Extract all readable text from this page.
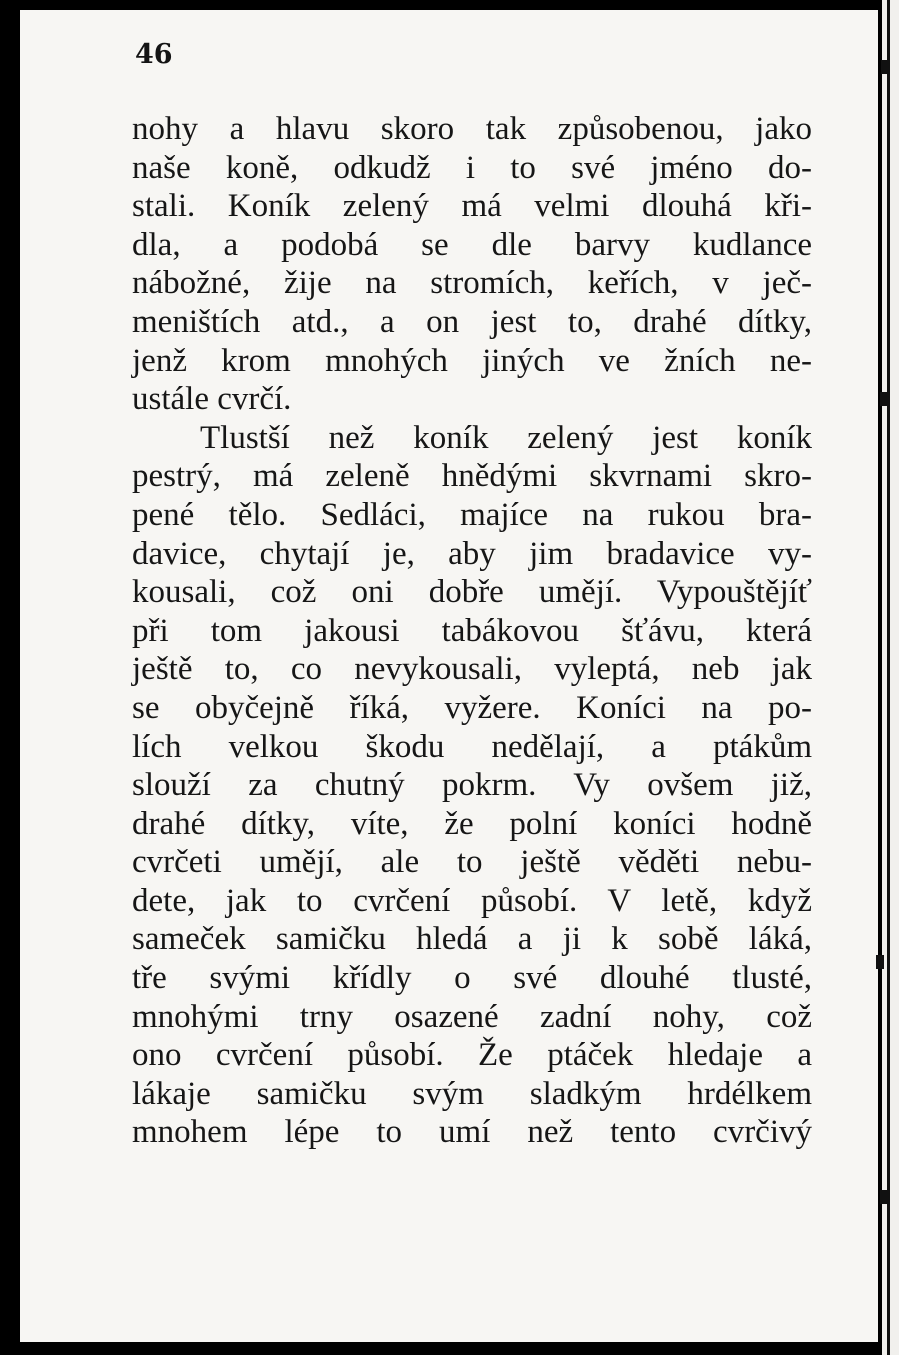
46
nohy a hlavu skoro tak způsobenou, jako
naše koně, odkudž i to své jméno do-
stali. Koník zelený má velmi dlouhá kři-
dla, a podobá se dle barvy kudlance
nábožné, žije na stromích, keřích, v ječ-
meništích atd., a on jest to, drahé dítky,
jenž krom mnohých jiných ve žních ne-
ustále cvrčí.
Tlustší než koník zelený jest koník
pestrý, má zeleně hnědými skvrnami skro-
pené tělo. Sedláci, majíce na rukou bra-
davice, chytají je, aby jim bradavice vy-
kousali, což oni dobře umějí. Vypouštějíť
při tom jakousi tabákovou šťávu, která
ještě to, co nevykousali, vyleptá, neb jak
se obyčejně říká, vyžere. Koníci na po-
lích velkou škodu nedělají, a ptákům
slouží za chutný pokrm. Vy ovšem již,
drahé dítky, víte, že polní koníci hodně
cvrčeti umějí, ale to ještě věděti nebu-
dete, jak to cvrčení působí. V letě, když
sameček samičku hledá a ji k sobě láká,
tře svými křídly o své dlouhé tlusté,
mnohými trny osazené zadní nohy, což
ono cvrčení působí. Že ptáček hledaje a
lákaje samičku svým sladkým hrdélkem
mnohem lépe to umí než tento cvrčivý
